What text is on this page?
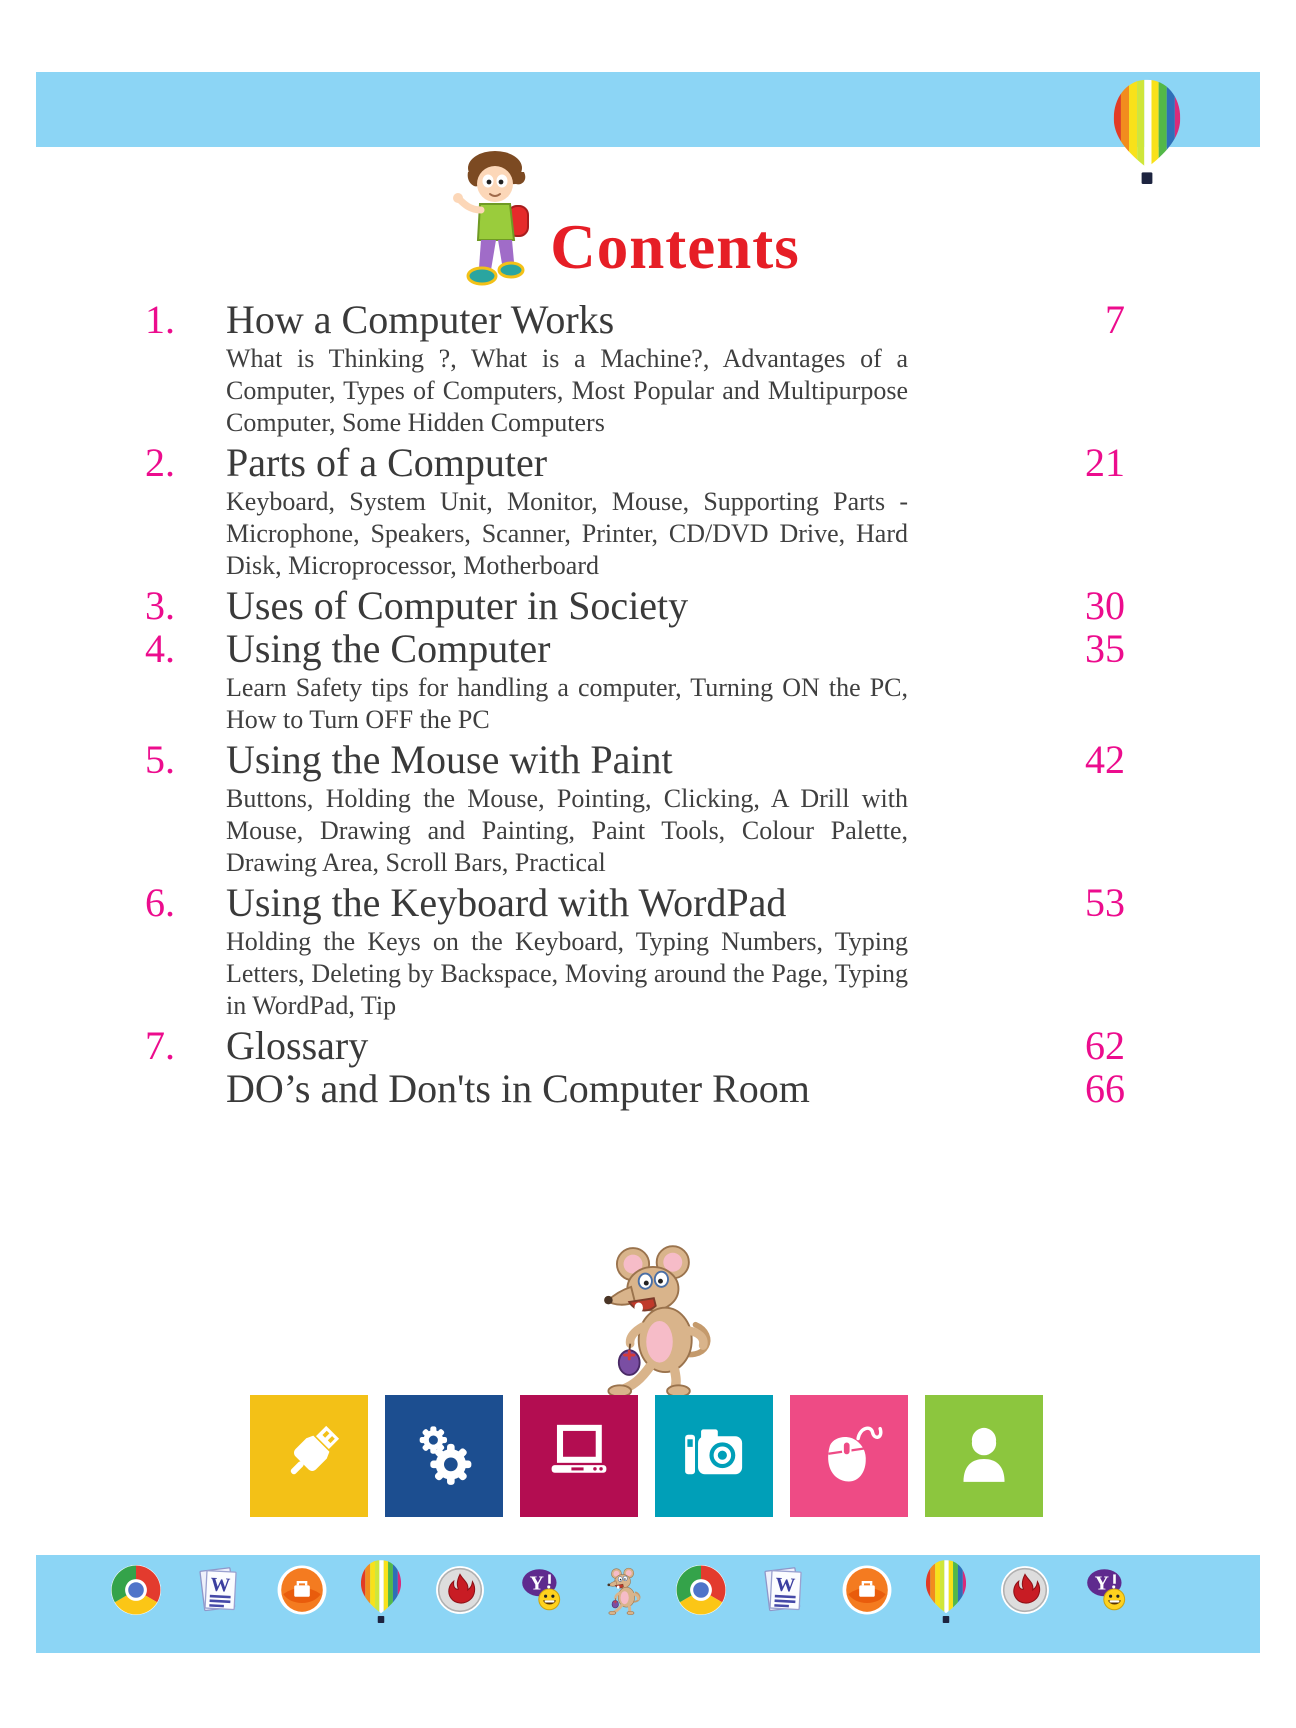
Contents
1.	How a Computer Works	7
What is Thinking ?, What is a Machine?, Advantages of a Computer, Types of Computers, Most Popular and Multipurpose Computer, Some Hidden Computers
2.	Parts of a Computer	21
Keyboard, System Unit, Monitor, Mouse, Supporting Parts - Microphone, Speakers, Scanner, Printer, CD/DVD Drive, Hard Disk, Microprocessor, Motherboard
3.	Uses of Computer in Society	30
4.	Using the Computer	35
Learn Safety tips for handling a computer, Turning ON the PC, How to Turn OFF the PC
5.	Using the Mouse with Paint	42
Buttons, Holding the Mouse, Pointing, Clicking, A Drill with Mouse, Drawing and Painting, Paint Tools, Colour Palette, Drawing Area, Scroll Bars, Practical
6.	Using the Keyboard with WordPad	53
Holding the Keys on the Keyboard, Typing Numbers, Typing Letters, Deleting by Backspace, Moving around the Page, Typing in WordPad, Tip
7.	Glossary	62
DO’s and Don'ts in Computer Room	66
